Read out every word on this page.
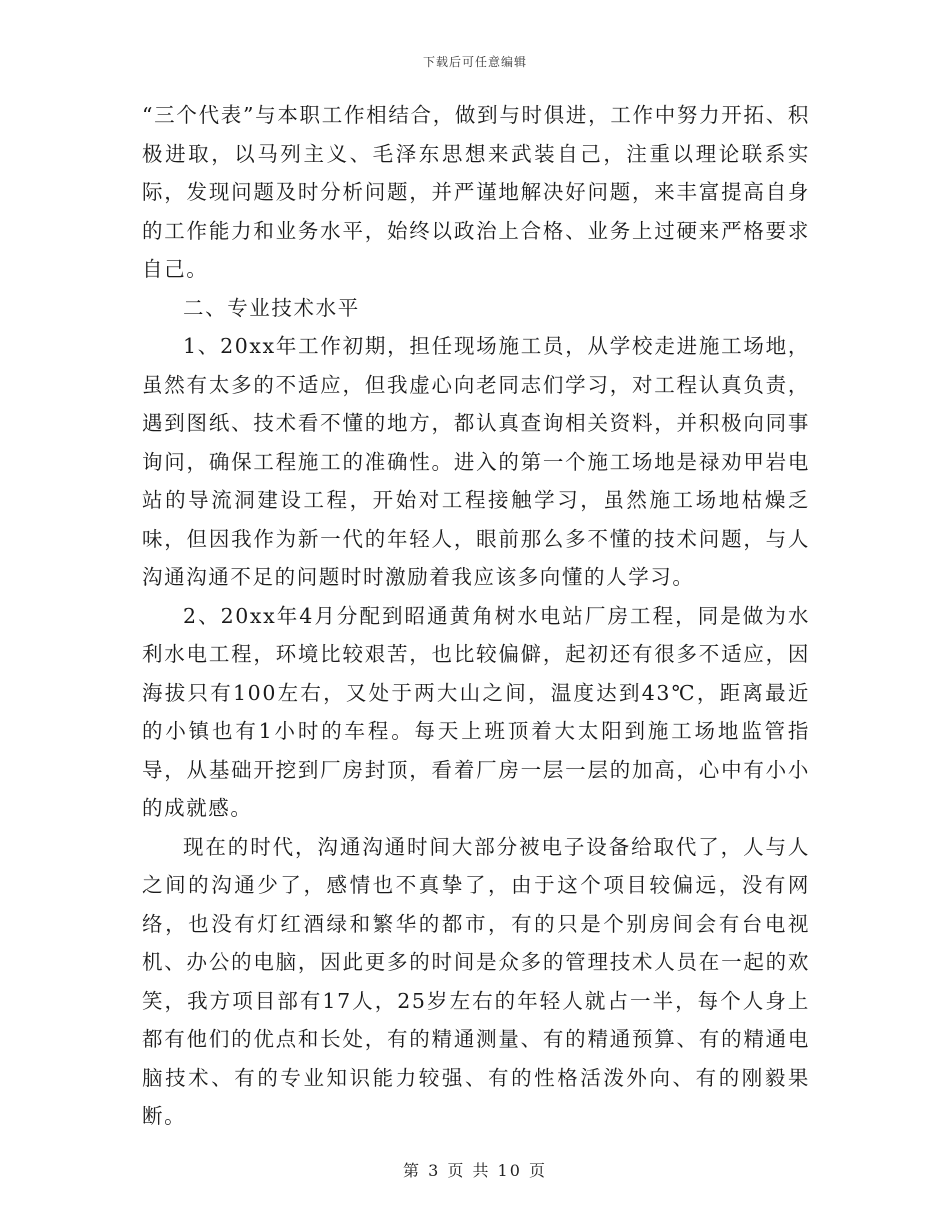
下载后可任意编辑

“三个代表”与本职工作相结合，做到与时俱进，工作中努力开拓、积极进取，以马列主义、毛泽东思想来武装自己，注重以理论联系实际，发现问题及时分析问题，并严谨地解决好问题，来丰富提高自身的工作能力和业务水平，始终以政治上合格、业务上过硬来严格要求自己。

二、专业技术水平

1、20xx年工作初期，担任现场施工员，从学校走进施工场地，虽然有太多的不适应，但我虚心向老同志们学习，对工程认真负责，遇到图纸、技术看不懂的地方，都认真查询相关资料，并积极向同事询问，确保工程施工的准确性。进入的第一个施工场地是禄劝甲岩电站的导流洞建设工程，开始对工程接触学习，虽然施工场地枯燥乏味，但因我作为新一代的年轻人，眼前那么多不懂的技术问题，与人沟通沟通不足的问题时时激励着我应该多向懂的人学习。

2、20xx年4月分配到昭通黄角树水电站厂房工程，同是做为水利水电工程，环境比较艰苦，也比较偏僻，起初还有很多不适应，因海拔只有100左右，又处于两大山之间，温度达到43℃，距离最近的小镇也有1小时的车程。每天上班顶着大太阳到施工场地监管指导，从基础开挖到厂房封顶，看着厂房一层一层的加高，心中有小小的成就感。

现在的时代，沟通沟通时间大部分被电子设备给取代了，人与人之间的沟通少了，感情也不真挚了，由于这个项目较偏远，没有网络，也没有灯红酒绿和繁华的都市，有的只是个别房间会有台电视机、办公的电脑，因此更多的时间是众多的管理技术人员在一起的欢笑，我方项目部有17人，25岁左右的年轻人就占一半，每个人身上都有他们的优点和长处，有的精通测量、有的精通预算、有的精通电脑技术、有的专业知识能力较强、有的性格活泼外向、有的刚毅果断。

第 3 页 共 10 页
